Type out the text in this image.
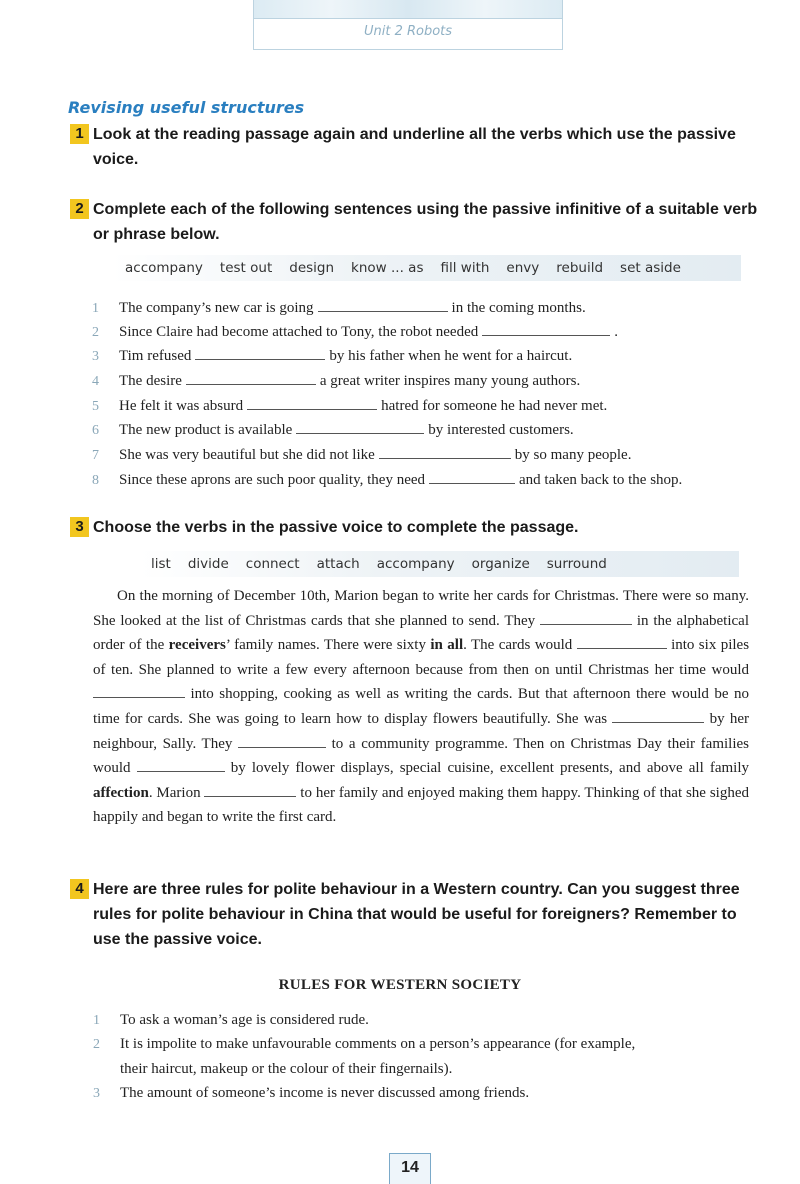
Unit 2 Robots
Revising useful structures
1 Look at the reading passage again and underline all the verbs which use the passive voice.
2 Complete each of the following sentences using the passive infinitive of a suitable verb or phrase below.
accompany test out design know ... as fill with envy rebuild set aside
1 The company’s new car is going	in the coming months.
2 Since Claire had become attached to Tony, the robot needed	.
3 Tim refused	by his father when he went for a haircut.
4 The desire	a great writer inspires many young authors.
5 He felt it was absurd	hatred for someone he had never met.
6 The new product is available	by interested customers.
7 She was very beautiful but she did not like	by so many people.
8 Since these aprons are such poor quality, they need	and taken back to the shop.
3 Choose the verbs in the passive voice to complete the passage.
list divide connect attach accompany organize surround

On the morning of December 10th, Marion began to write her cards for Christmas. There were so many. She looked at the list of Christmas cards that she planned to send. They	in the alphabetical order of the receivers’ family names. There were sixty in all. The cards would	into six piles of ten. She planned to write a few every afternoon because from then on until Christmas her time would  into shopping, cooking as well as writing the cards. But that afternoon there would be no time for cards. She was going to learn how to display flowers beautifully. She was	by her neighbour, Sally. They	to a community programme. Then on Christmas Day their families would	by lovely flower displays, special cuisine, excellent presents, and above all family affection. Marion	to her family and enjoyed making them happy. Thinking of that she sighed happily and began to write the first card.

4 Here are three rules for polite behaviour in a Western country. Can you suggest three rules for polite behaviour in China that would be useful for foreigners? Remember to use the passive voice.
RULES FOR WESTERN SOCIETY
1 To ask a woman’s age is considered rude.
2 It is impolite to make unfavourable comments on a person’s appearance (for example,
their haircut, makeup or the colour of their fingernails).
3 The amount of someone’s income is never discussed among friends.
14
